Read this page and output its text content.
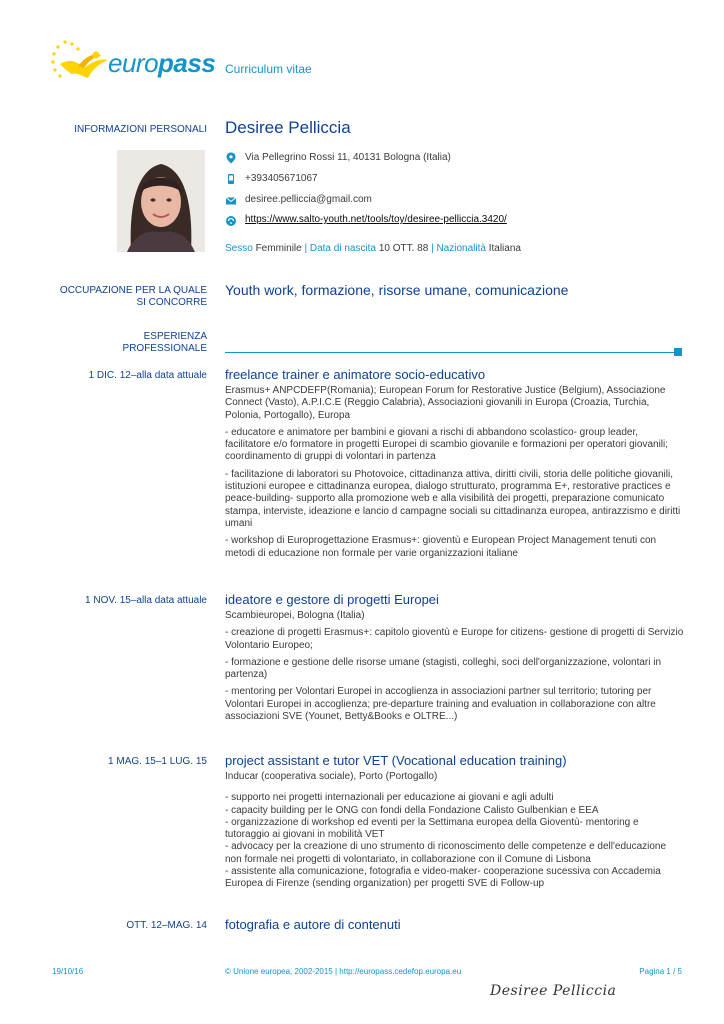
europass Curriculum vitae
INFORMAZIONI PERSONALI Desiree Pelliccia
Via Pellegrino Rossi 11, 40131 Bologna (Italia)
+393405671067
desiree.pelliccia@gmail.com
https://www.salto-youth.net/tools/toy/desiree-pelliccia.3420/
Sesso Femminile | Data di nascita 10 OTT. 88 | Nazionalità Italiana
OCCUPAZIONE PER LA QUALE
SI CONCORRE
Youth work, formazione, risorse umane, comunicazione
ESPERIENZA
PROFESSIONALE
1 DIC. 12–alla data attuale freelance trainer e animatore socio-educativo

Erasmus+ ANPCDEFP(Romania); European Forum for Restorative Justice (Belgium), Associazione Connect (Vasto), A.P.I.C.E (Reggio Calabria), Associazioni giovanili in Europa (Croazia, Turchia, Polonia, Portogallo), Europa

- educatore e animatore per bambini e giovani a rischi di abbandono scolastico- group leader, facilitatore e/o formatore in progetti Europei di scambio giovanile e formazioni per operatori giovanili; coordinamento di gruppi di volontari in partenza

- facilitazione di laboratori su Photovoice, cittadinanza attiva, diritti civili, storia delle politiche giovanili, istituzioni europee e cittadinanza europea, dialogo strutturato, programma E+, restorative practices e peace-building- supporto alla promozione web e alla visibilità dei progetti, preparazione comunicato stampa, interviste, ideazione e lancio d campagne sociali su cittadinanza europea, antirazzismo e diritti umani

- workshop di Europrogettazione Erasmus+: gioventù e European Project Management tenuti con metodi di educazione non formale per varie organizzazioni italiane

1 NOV. 15–alla data attuale ideatore e gestore di progetti Europei

Scambieuropei, Bologna (Italia)

- creazione di progetti Erasmus+: capitolo gioventù e Europe for citizens- gestione di progetti di Servizio Volontario Europeo;

- formazione e gestione delle risorse umane (stagisti, colleghi, soci dell'organizzazione, volontari in partenza)

- mentoring per Volontari Europei in accoglienza in associazioni partner sul territorio; tutoring per Volontari Europei in accoglienza; pre-departure training and evaluation in collaborazione con altre associazioni SVE (Younet, Betty&Books e OLTRE...)

1 MAG. 15–1 LUG. 15 project assistant e tutor VET (Vocational education training)

Inducar (cooperativa sociale), Porto (Portogallo)

- supporto nei progetti internazionali per educazione ai giovani e agli adulti

- capacity building per le ONG con fondi della Fondazione Calisto Gulbenkian e EEA

- organizzazione di workshop ed eventi per la Settimana europea della Gioventù- mentoring e tutoraggio ai giovani in mobilità VET

- advocacy per la creazione di uno strumento di riconoscimento delle competenze e dell'educazione non formale nei progetti di volontariato, in collaborazione con il Comune di Lisbona

- assistente alla comunicazione, fotografia e video-maker- cooperazione sucessiva con Accademia Europea di Firenze (sending organization) per progetti SVE di Follow-up

OTT. 12–MAG. 14 fotografia e autore di contenuti
19/10/16	© Unione europea, 2002-2015 | http://europass.cedefop.europa.eu	Pagina 1 / 5
Desiree Pelliccia
